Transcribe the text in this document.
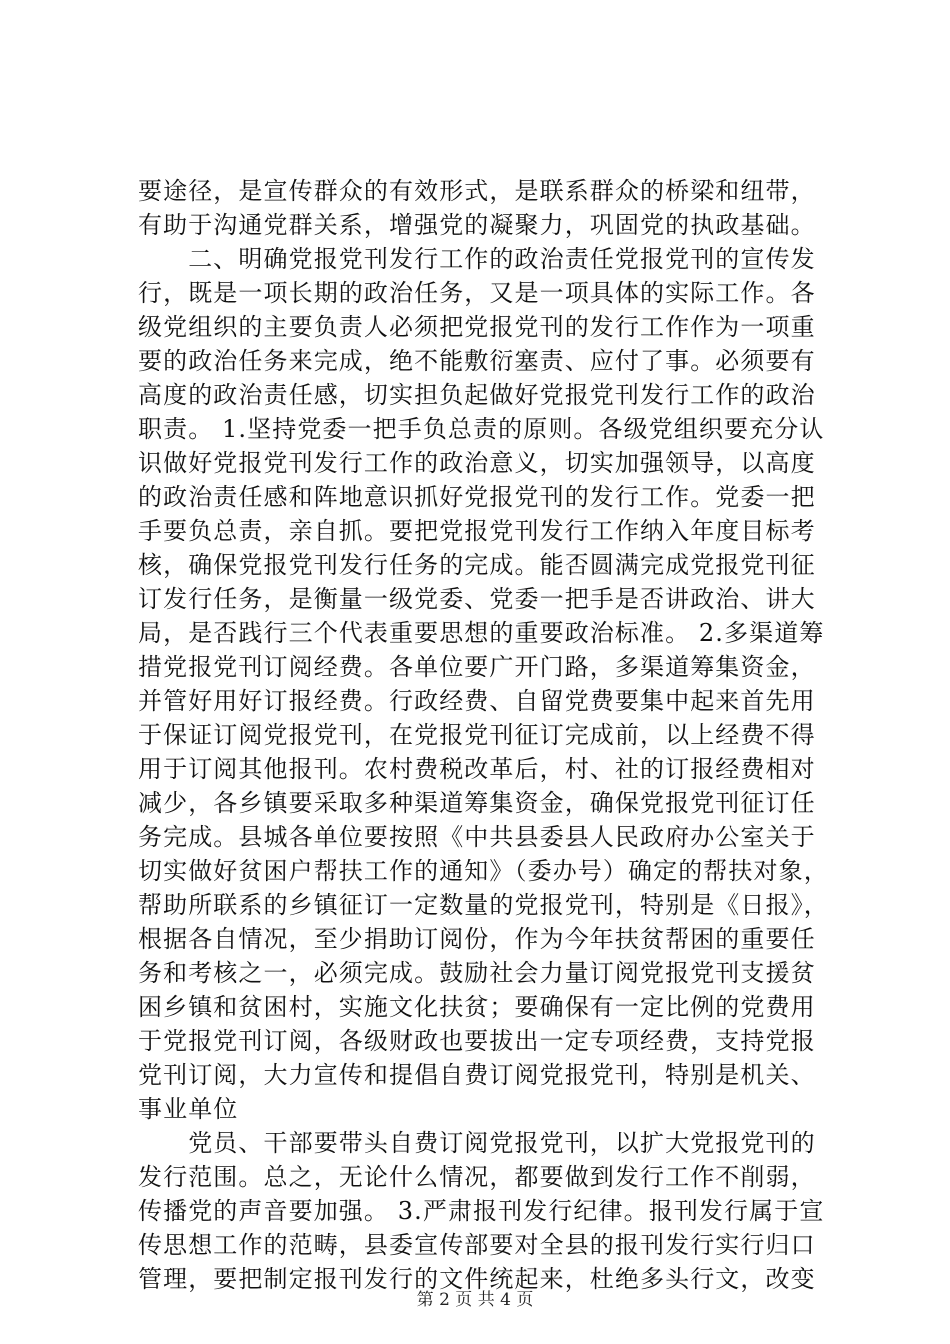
要途径，是宣传群众的有效形式，是联系群众的桥梁和纽带，
有助于沟通党群关系，增强党的凝聚力，巩固党的执政基础。
　　二、明确党报党刊发行工作的政治责任党报党刊的宣传发
行，既是一项长期的政治任务，又是一项具体的实际工作。各
级党组织的主要负责人必须把党报党刊的发行工作作为一项重
要的政治任务来完成，绝不能敷衍塞责、应付了事。必须要有
高度的政治责任感，切实担负起做好党报党刊发行工作的政治
职责。 1.坚持党委一把手负总责的原则。各级党组织要充分认
识做好党报党刊发行工作的政治意义，切实加强领导，以高度
的政治责任感和阵地意识抓好党报党刊的发行工作。党委一把
手要负总责，亲自抓。要把党报党刊发行工作纳入年度目标考
核，确保党报党刊发行任务的完成。能否圆满完成党报党刊征
订发行任务，是衡量一级党委、党委一把手是否讲政治、讲大
局，是否践行三个代表重要思想的重要政治标准。 2.多渠道筹
措党报党刊订阅经费。各单位要广开门路，多渠道筹集资金，
并管好用好订报经费。行政经费、自留党费要集中起来首先用
于保证订阅党报党刊，在党报党刊征订完成前，以上经费不得
用于订阅其他报刊。农村费税改革后，村、社的订报经费相对
减少，各乡镇要采取多种渠道筹集资金，确保党报党刊征订任
务完成。县城各单位要按照《中共县委县人民政府办公室关于
切实做好贫困户帮扶工作的通知》（委办号）确定的帮扶对象，
帮助所联系的乡镇征订一定数量的党报党刊，特别是《日报》，
根据各自情况，至少捐助订阅份，作为今年扶贫帮困的重要任
务和考核之一，必须完成。鼓励社会力量订阅党报党刊支援贫
困乡镇和贫困村，实施文化扶贫；要确保有一定比例的党费用
于党报党刊订阅，各级财政也要拔出一定专项经费，支持党报
党刊订阅，大力宣传和提倡自费订阅党报党刊，特别是机关、
事业单位
　　党员、干部要带头自费订阅党报党刊，以扩大党报党刊的
发行范围。总之，无论什么情况，都要做到发行工作不削弱，
传播党的声音要加强。 3.严肃报刊发行纪律。报刊发行属于宣
传思想工作的范畴，县委宣传部要对全县的报刊发行实行归口
管理，要把制定报刊发行的文件统起来，杜绝多头行文，改变
第 2 页 共 4 页
